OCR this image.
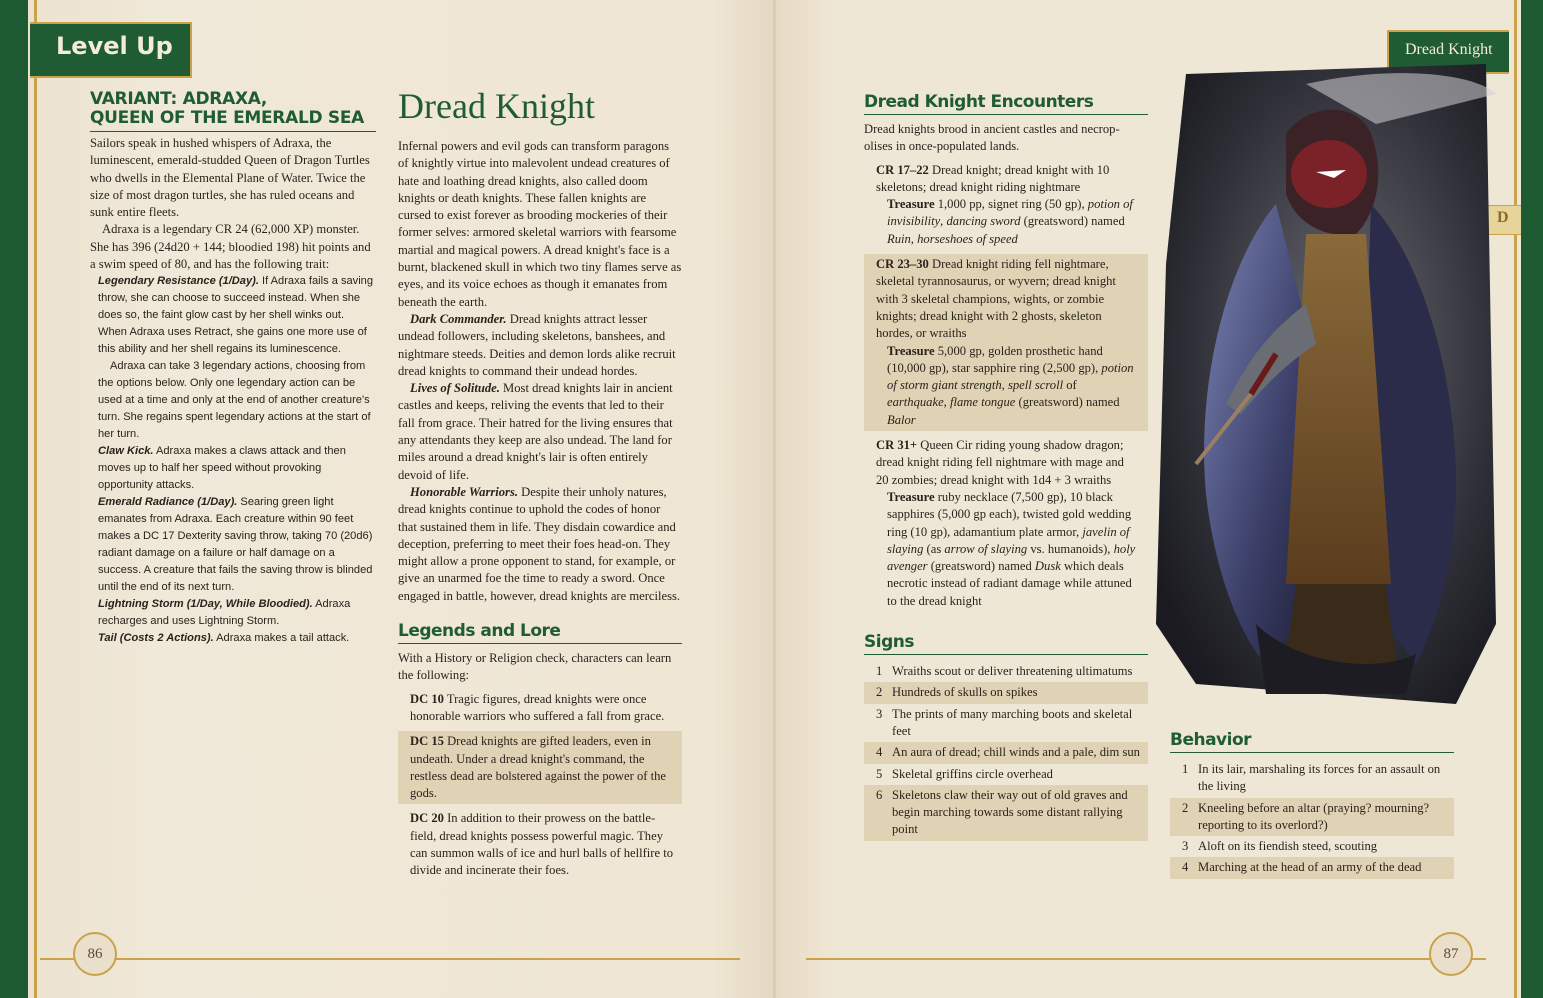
Level Up
VARIANT: ADRAXA,
QUEEN OF THE EMERALD SEA

Sailors speak in hushed whispers of Adraxa, the luminescent, emerald-studded Queen of Dragon Turtles who dwells in the Elemental Plane of Water. Twice the size of most dragon turtles, she has ruled oceans and sunk entire fleets.

Adraxa is a legendary CR 24 (62,000 XP) monster. She has 396 (24d20 + 144; bloodied 198) hit points and a swim speed of 80, and has the following trait:

Legendary Resistance (1/Day). If Adraxa fails a saving throw, she can choose to succeed instead. When she does so, the faint glow cast by her shell winks out. When Adraxa uses Retract, she gains one more use of this ability and her shell regains its luminescence.
Adraxa can take 3 legendary actions, choosing from the options below. Only one legendary action can be used at a time and only at the end of another creature's turn. She regains spent legendary actions at the start of her turn.
Claw Kick. Adraxa makes a claws attack and then moves up to half her speed without provoking opportunity attacks.
Emerald Radiance (1/Day). Searing green light emanates from Adraxa. Each creature within 90 feet makes a DC 17 Dexterity saving throw, taking 70 (20d6) radiant damage on a failure or half damage on a success. A creature that fails the saving throw is blinded until the end of its next turn.
Lightning Storm (1/Day, While Bloodied). Adraxa recharges and uses Lightning Storm.
Tail (Costs 2 Actions). Adraxa makes a tail attack.
Dread Knight

Infernal powers and evil gods can transform paragons of knightly virtue into malevolent undead creatures of hate and loathing dread knights, also called doom knights or death knights. These fallen knights are cursed to exist forever as brooding mockeries of their former selves: armored skeletal warriors with fearsome martial and magical powers. A dread knight's face is a burnt, blackened skull in which two tiny flames serve as eyes, and its voice echoes as though it emanates from beneath the earth.

Dark Commander. Dread knights attract lesser undead followers, including skeletons, banshees, and nightmare steeds. Deities and demon lords alike recruit dread knights to command their undead hordes.

Lives of Solitude. Most dread knights lair in ancient castles and keeps, reliving the events that led to their fall from grace. Their hatred for the living ensures that any attendants they keep are also undead. The land for miles around a dread knight's lair is often entirely devoid of life.

Honorable Warriors. Despite their unholy natures, dread knights continue to uphold the codes of honor that sustained them in life. They disdain cowardice and deception, preferring to meet their foes head-on. They might allow a prone opponent to stand, for example, or give an unarmed foe the time to ready a sword. Once engaged in battle, however, dread knights are merciless.

Legends and Lore

With a History or Religion check, characters can learn the following:

DC 10 Tragic figures, dread knights were once honorable warriors who suffered a fall from grace.
DC 15 Dread knights are gifted leaders, even in undeath. Under a dread knight's command, the restless dead are bolstered against the power of the gods.
DC 20 In addition to their prowess on the battle-field, dread knights possess powerful magic. They can summon walls of ice and hurl balls of hellfire to divide and incinerate their foes.
86
Dread Knight
D
Dread Knight Encounters

Dread knights brood in ancient castles and necrop-olises in once-populated lands.

CR 17–22 Dread knight; dread knight with 10 skeletons; dread knight riding nightmare
Treasure 1,000 pp, signet ring (50 gp), potion of invisibility, dancing sword (greatsword) named Ruin, horseshoes of speed
CR 23–30 Dread knight riding fell nightmare, skeletal tyrannosaurus, or wyvern; dread knight with 3 skeletal champions, wights, or zombie knights; dread knight with 2 ghosts, skeleton hordes, or wraiths
Treasure 5,000 gp, golden prosthetic hand (10,000 gp), star sapphire ring (2,500 gp), potion of storm giant strength, spell scroll of earthquake, flame tongue (greatsword) named Balor
CR 31+ Queen Cir riding young shadow dragon; dread knight riding fell nightmare with mage and 20 zombies; dread knight with 1d4 + 3 wraiths
Treasure ruby necklace (7,500 gp), 10 black sapphires (5,000 gp each), twisted gold wedding ring (10 gp), adamantium plate armor, javelin of slaying (as arrow of slaying vs. humanoids), holy avenger (greatsword) named Dusk which deals necrotic instead of radiant damage while attuned to the dread knight
Signs
1 Wraiths scout or deliver threatening ultimatums
2 Hundreds of skulls on spikes
3 The prints of many marching boots and skeletal feet
4 An aura of dread; chill winds and a pale, dim sun
5 Skeletal griffins circle overhead
6 Skeletons claw their way out of old graves and begin marching towards some distant rallying point
Behavior
1 In its lair, marshaling its forces for an assault on the living
2 Kneeling before an altar (praying? mourning? reporting to its overlord?)
3 Aloft on its fiendish steed, scouting
4 Marching at the head of an army of the dead
87
